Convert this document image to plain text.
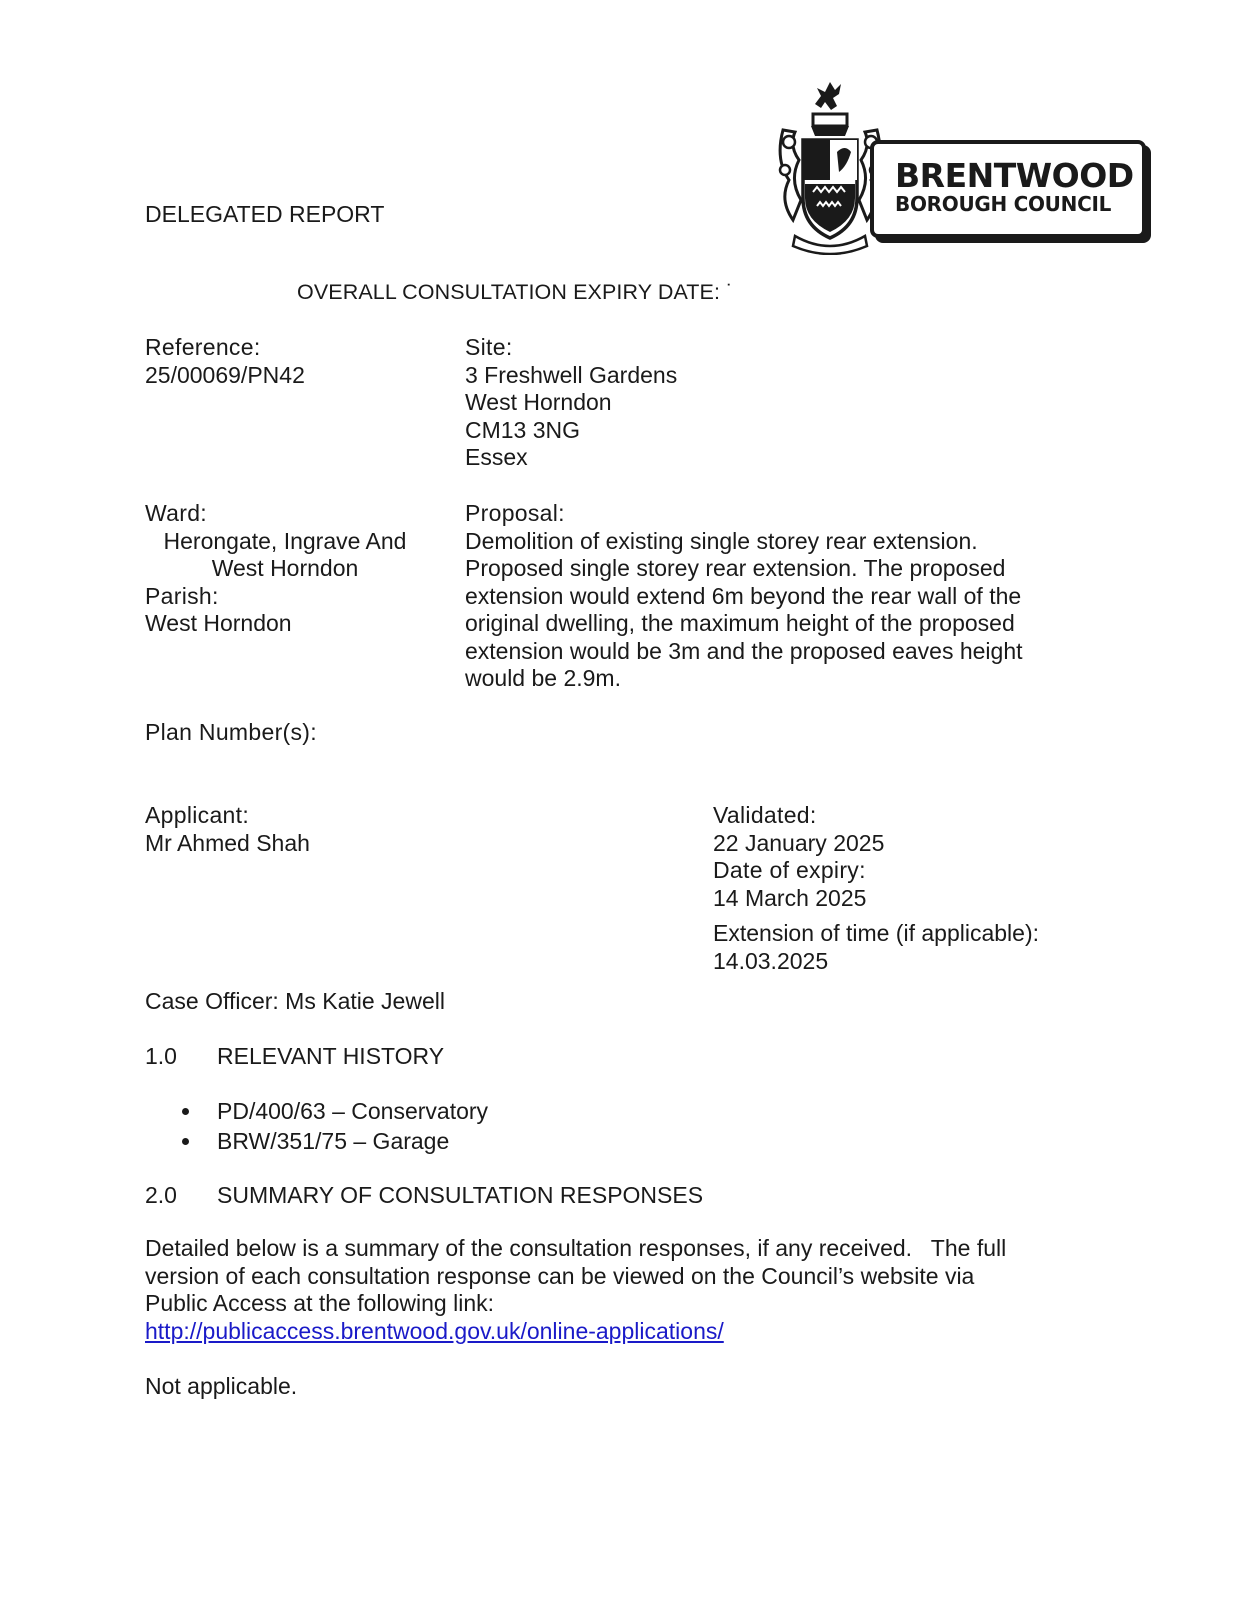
BRENTWOOD
BOROUGH COUNCIL
DELEGATED REPORT
OVERALL CONSULTATION EXPIRY DATE: ˙
Reference:
25/00069/PN42
Site:
3 Freshwell Gardens
West Horndon
CM13 3NG
Essex
Ward:
Herongate, Ingrave And
West Horndon
Parish:
West Horndon
Proposal:
Demolition of existing single storey rear extension.
Proposed single storey rear extension. The proposed
extension would extend 6m beyond the rear wall of the
original dwelling, the maximum height of the proposed
extension would be 3m and the proposed eaves height
would be 2.9m.
Plan Number(s):
Applicant:
Mr Ahmed Shah
Validated:
22 January 2025
Date of expiry:
14 March 2025
Extension of time (if applicable):
14.03.2025
Case Officer: Ms Katie Jewell
1.0 RELEVANT HISTORY
PD/400/63 – Conservatory
BRW/351/75 – Garage
2.0 SUMMARY OF CONSULTATION RESPONSES
Detailed below is a summary of the consultation responses, if any received.   The full
version of each consultation response can be viewed on the Council’s website via
Public Access at the following link:
http://publicaccess.brentwood.gov.uk/online-applications/
Not applicable.
